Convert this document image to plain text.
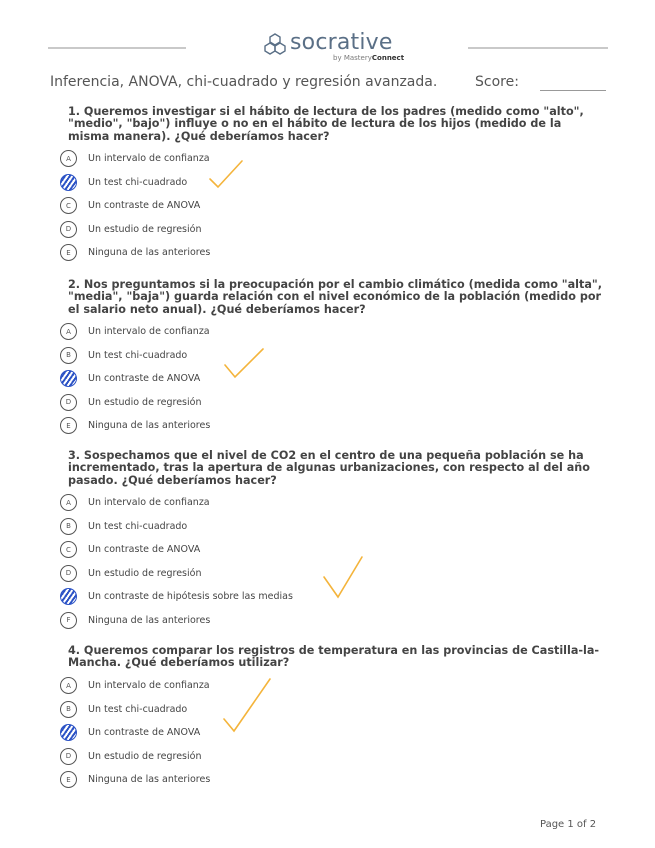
socrative
by MasteryConnect
Inferencia, ANOVA, chi-cuadrado y regresión avanzada.	Score:

1. Queremos investigar si el hábito de lectura de los padres (medido como "alto", "medio", "bajo") influye o no en el hábito de lectura de los hijos (medido de la misma manera). ¿Qué deberíamos hacer?

A	Un intervalo de confianza
Un test chi-cuadrado
C	Un contraste de ANOVA
D	Un estudio de regresión
E	Ninguna de las anteriores

2. Nos preguntamos si la preocupación por el cambio climático (medida como "alta", "media", "baja") guarda relación con el nivel económico de la población (medido por el salario neto anual). ¿Qué deberíamos hacer?

A	Un intervalo de confianza
B	Un test chi-cuadrado
Un contraste de ANOVA
D	Un estudio de regresión
E	Ninguna de las anteriores

3. Sospechamos que el nivel de CO2 en el centro de una pequeña población se ha incrementado, tras la apertura de algunas urbanizaciones, con respecto al del año pasado. ¿Qué deberíamos hacer?

A	Un intervalo de confianza
B	Un test chi-cuadrado
C	Un contraste de ANOVA
D	Un estudio de regresión
Un contraste de hipótesis sobre las medias
F	Ninguna de las anteriores

4. Queremos comparar los registros de temperatura en las provincias de Castilla-la-Mancha. ¿Qué deberíamos utilizar?

A	Un intervalo de confianza
B	Un test chi-cuadrado
Un contraste de ANOVA
D	Un estudio de regresión
E	Ninguna de las anteriores
Page 1 of 2
